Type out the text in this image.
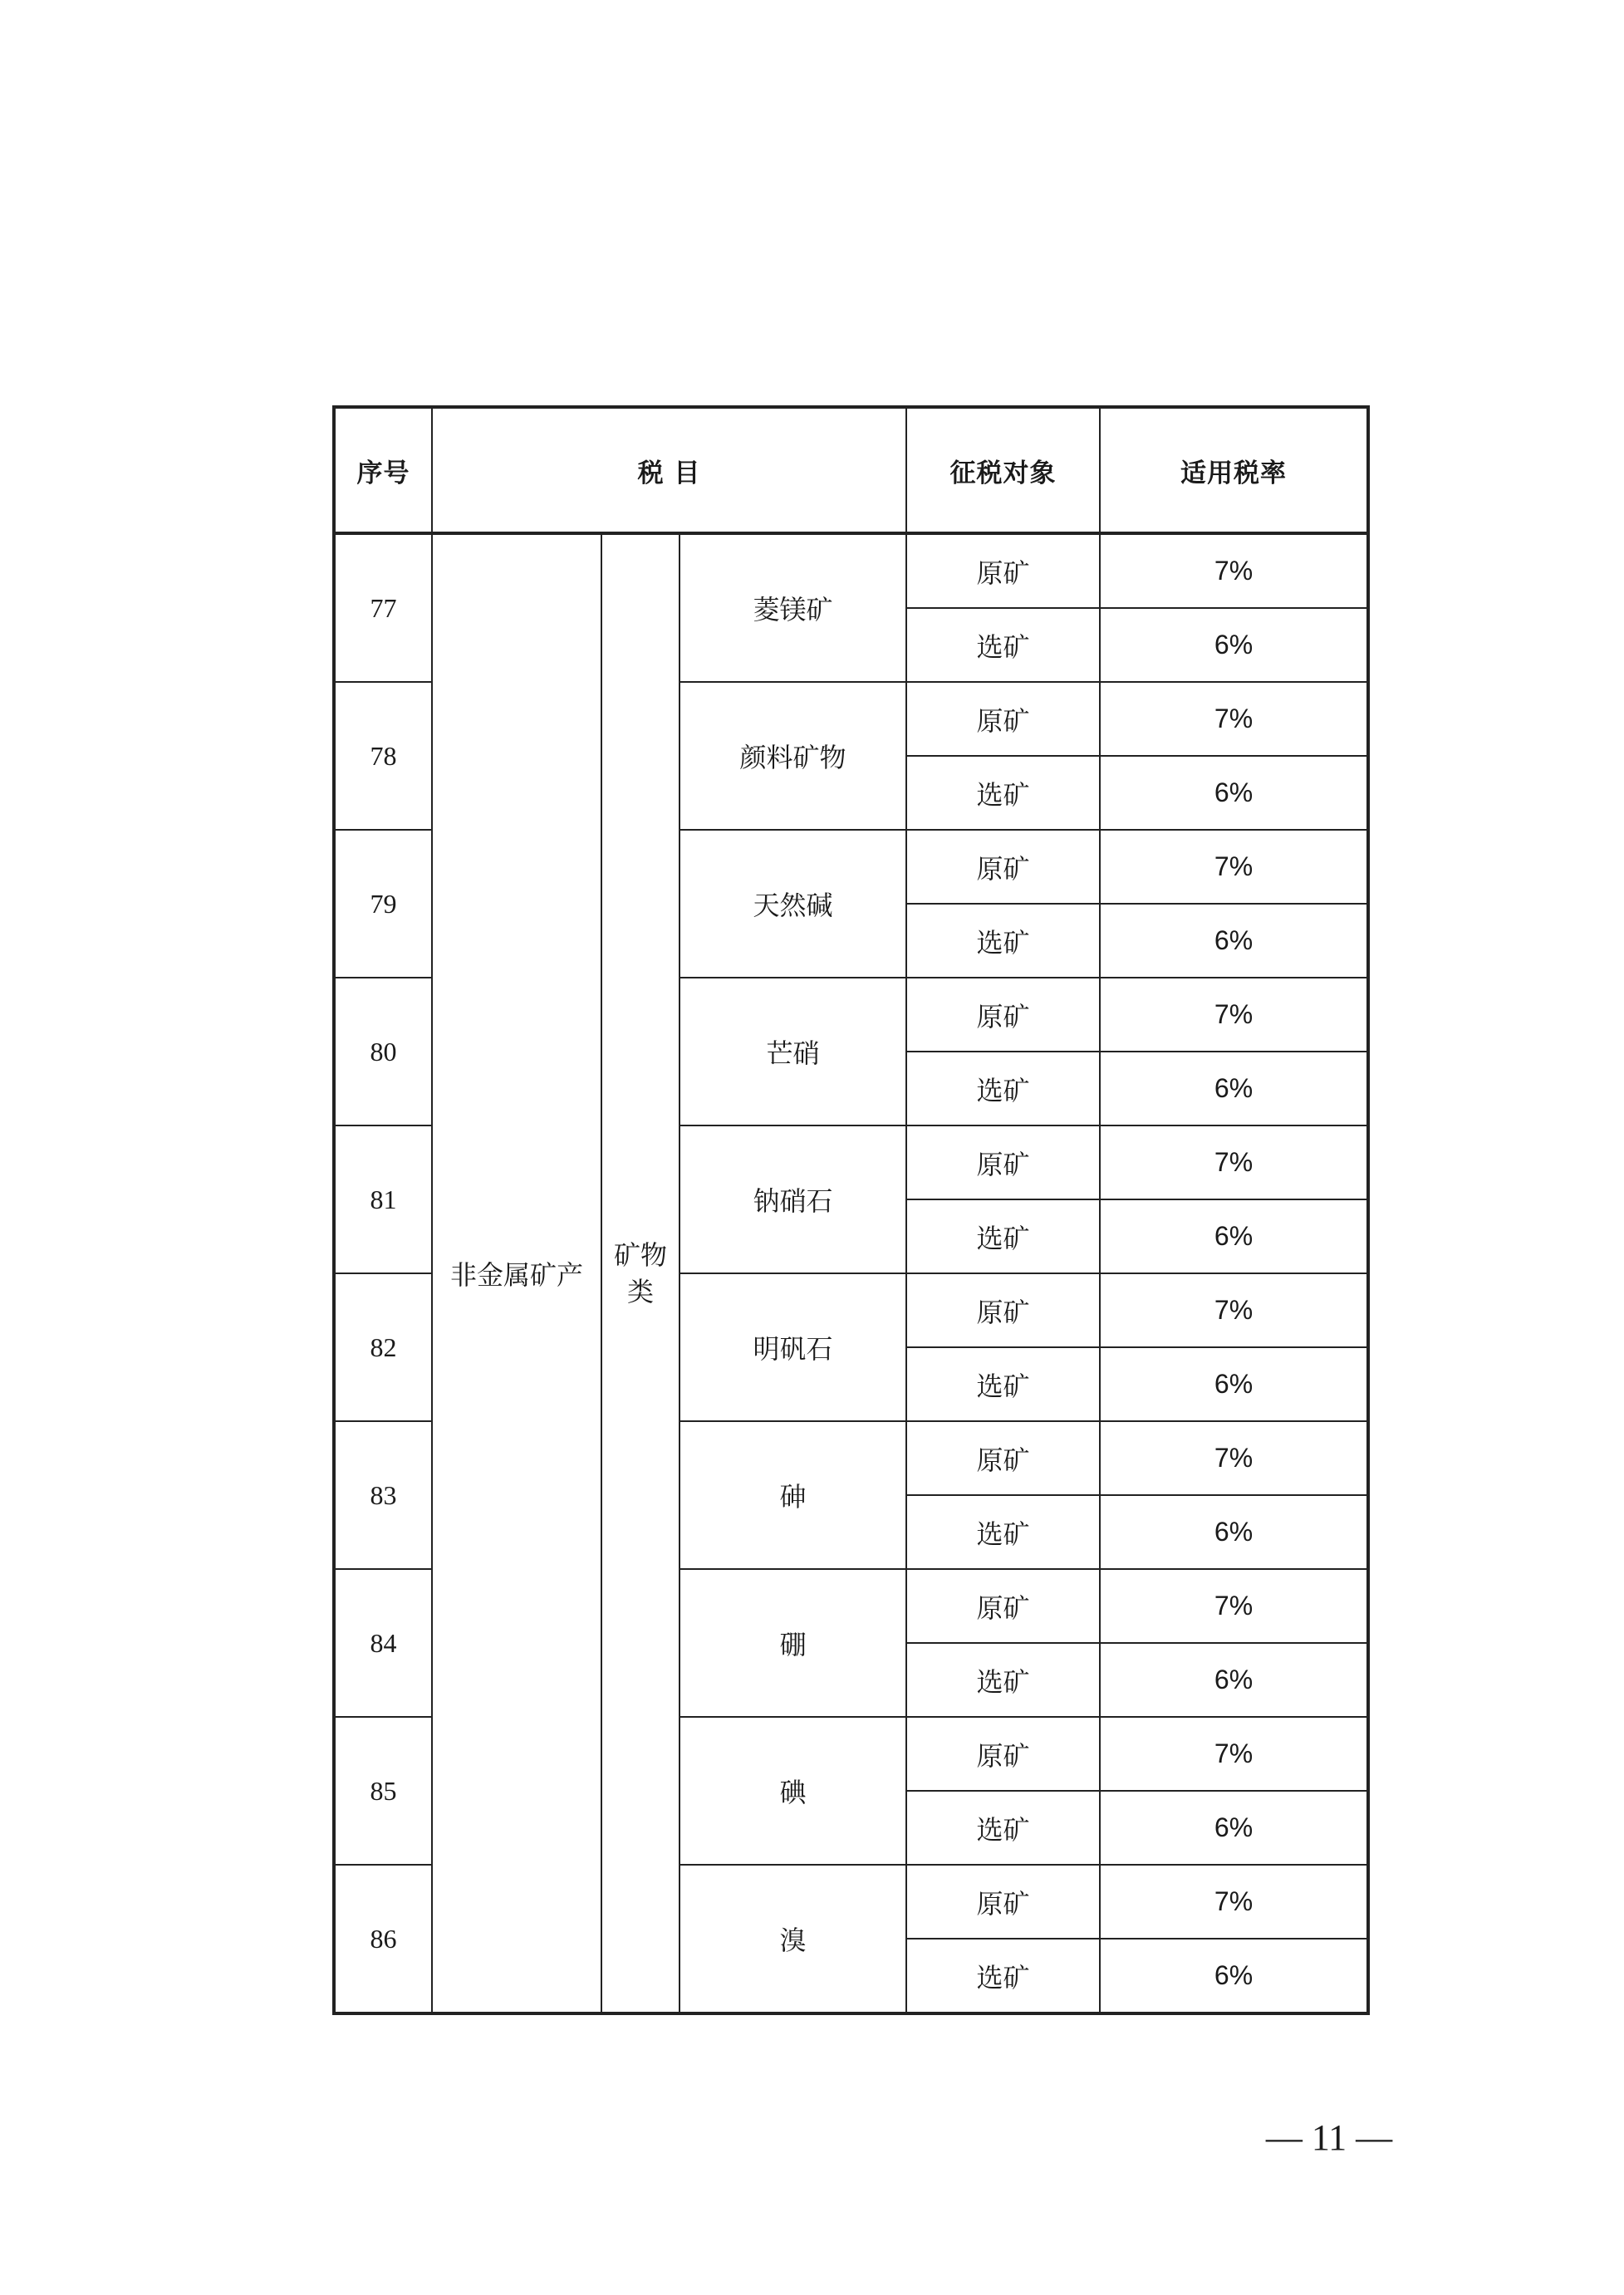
序号	税 目			征税对象	适用税率
77	非金属矿产	矿物类	菱镁矿	原矿	7%
				选矿	6%
78			颜料矿物	原矿	7%
				选矿	6%
79			天然碱	原矿	7%
				选矿	6%
80			芒硝	原矿	7%
				选矿	6%
81			钠硝石	原矿	7%
				选矿	6%
82			明矾石	原矿	7%
				选矿	6%
83			砷	原矿	7%
				选矿	6%
84			硼	原矿	7%
				选矿	6%
85			碘	原矿	7%
				选矿	6%
86			溴	原矿	7%
				选矿	6%
— 11 —
